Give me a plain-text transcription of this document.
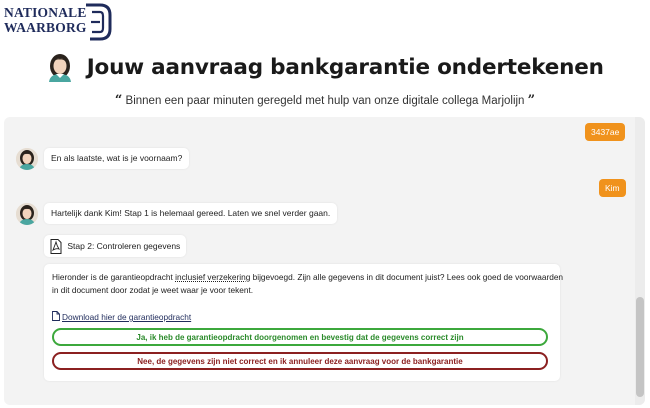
NATIONALE
WAARBORG
Jouw aanvraag bankgarantie ondertekenen
“ Binnen een paar minuten geregeld met hulp van onze digitale collega Marjolijn ”
3437ae
En als laatste, wat is je voornaam?
Kim
Hartelijk dank Kim! Stap 1 is helemaal gereed. Laten we snel verder gaan.
Stap 2: Controleren gegevens
Hieronder is de garantieopdracht inclusief verzekering bijgevoegd. Zijn alle gegevens in dit document juist? Lees ook goed de voorwaarden
in dit document door zodat je weet waar je voor tekent.
Download hier de garantieopdracht
Ja, ik heb de garantieopdracht doorgenomen en bevestig dat de gegevens correct zijn
Nee, de gegevens zijn niet correct en ik annuleer deze aanvraag voor de bankgarantie
